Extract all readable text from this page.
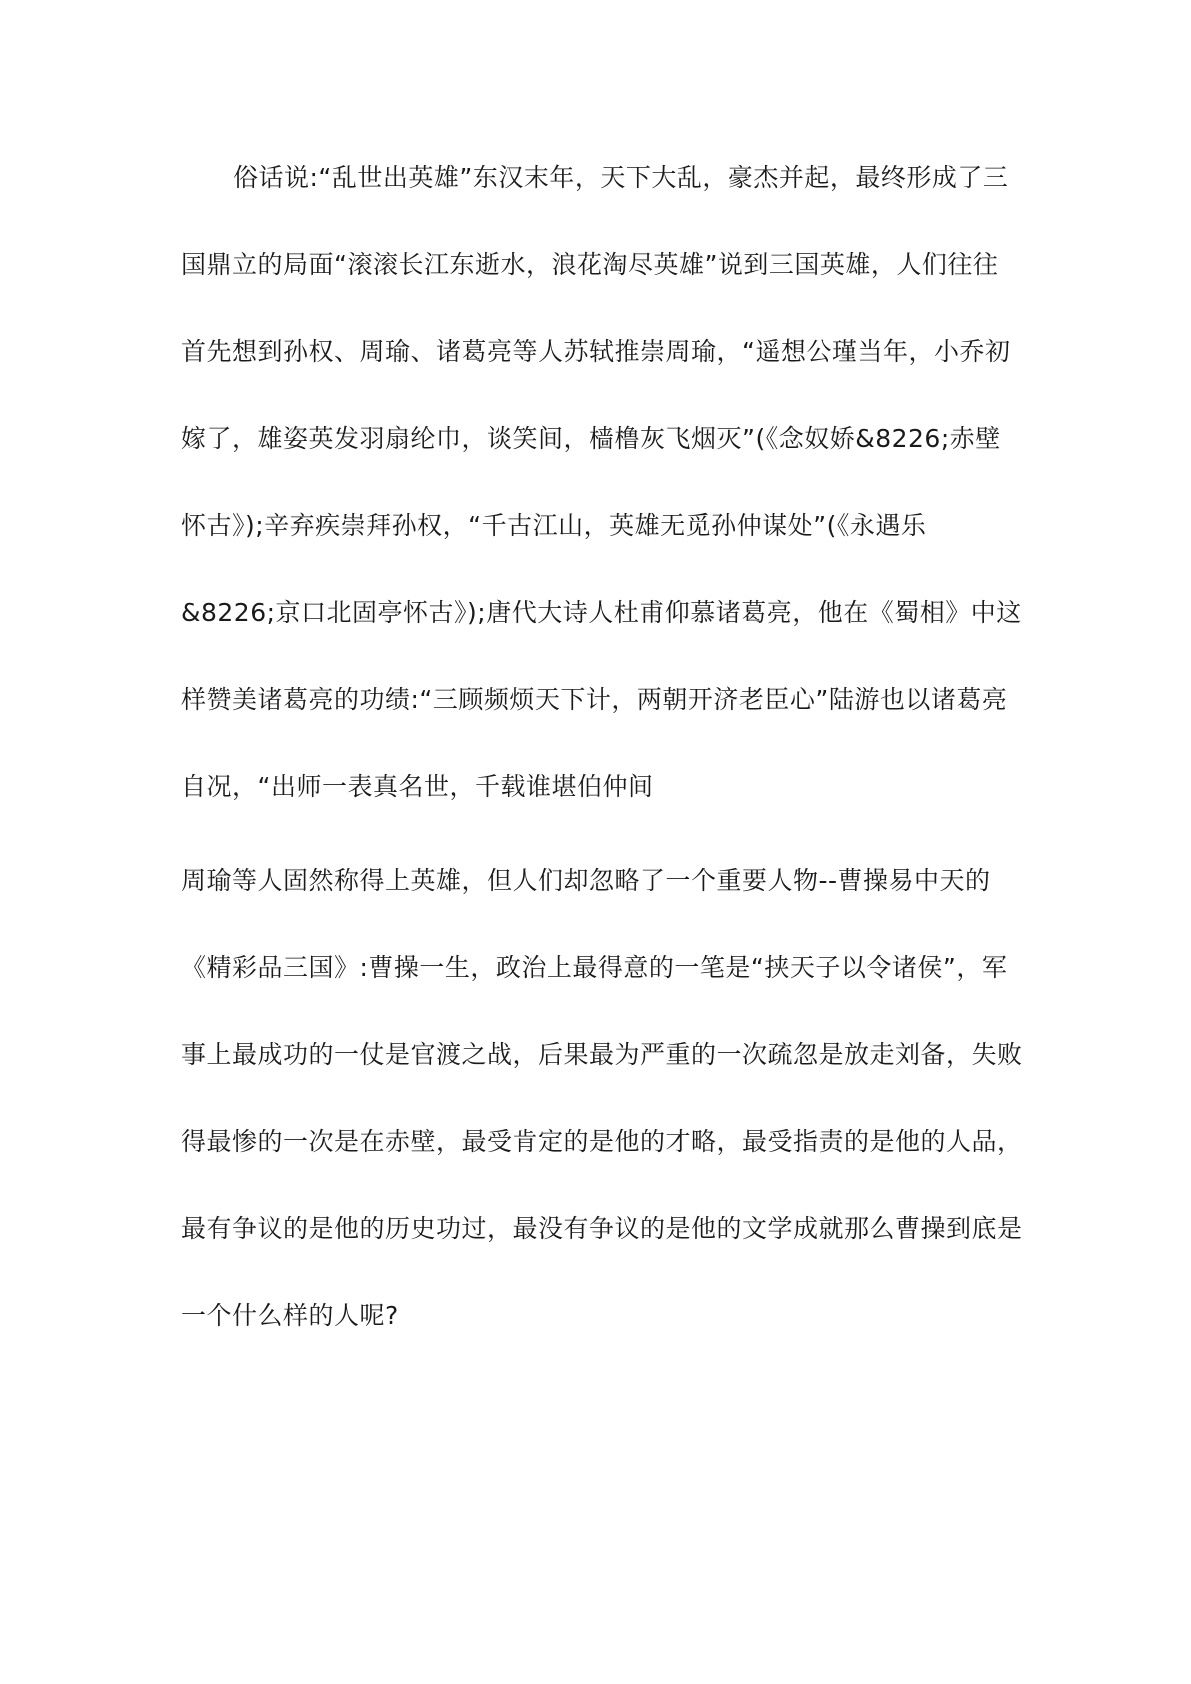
俗话说:“乱世出英雄”东汉末年，天下大乱，豪杰并起，最终形成了三
国鼎立的局面“滚滚长江东逝水，浪花淘尽英雄”说到三国英雄，人们往往
首先想到孙权、周瑜、诸葛亮等人苏轼推崇周瑜，“遥想公瑾当年，小乔初
嫁了，雄姿英发羽扇纶巾，谈笑间，樯橹灰飞烟灭”(《念奴娇&8226;赤壁
怀古》);辛弃疾崇拜孙权，“千古江山，英雄无觅孙仲谋处”(《永遇乐
&8226;京口北固亭怀古》);唐代大诗人杜甫仰慕诸葛亮，他在《蜀相》中这
样赞美诸葛亮的功绩:“三顾频烦天下计，两朝开济老臣心”陆游也以诸葛亮
自况，“出师一表真名世，千载谁堪伯仲间
周瑜等人固然称得上英雄，但人们却忽略了一个重要人物--曹操易中天的
《精彩品三国》:曹操一生，政治上最得意的一笔是“挟天子以令诸侯”，军
事上最成功的一仗是官渡之战，后果最为严重的一次疏忽是放走刘备，失败
得最惨的一次是在赤壁，最受肯定的是他的才略，最受指责的是他的人品，
最有争议的是他的历史功过，最没有争议的是他的文学成就那么曹操到底是
一个什么样的人呢?
